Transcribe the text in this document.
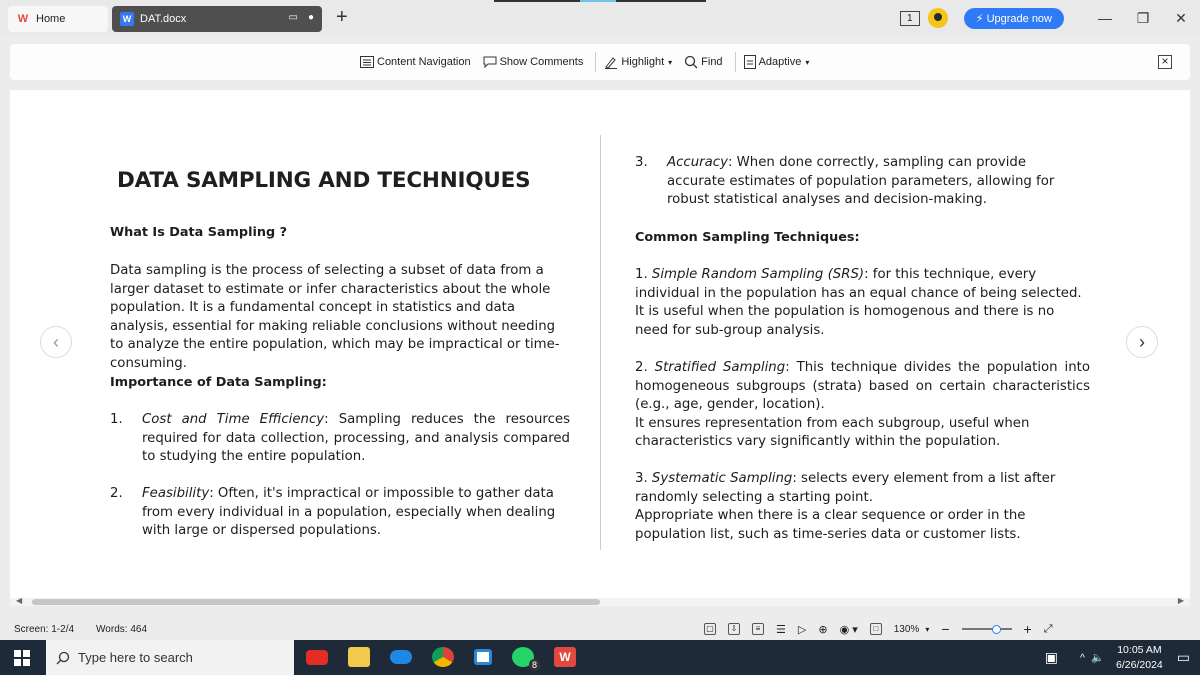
W Home	W DAT.docx	▭ ● +	1	⚡ Upgrade now	—	❐	✕
Content Navigation	Show Comments	Highlight ▾	Find	Adaptive ▾	×
‹	›
DATA SAMPLING AND TECHNIQUES
What Is Data Sampling ?
Data sampling is the process of selecting a subset of data from a larger dataset to estimate or infer characteristics about the whole population. It is a fundamental concept in statistics and data analysis, essential for making reliable conclusions without needing to analyze the entire population, which may be impractical or time-consuming.
Importance of Data Sampling:
1.	Cost and Time Efficiency: Sampling reduces the resources required for data collection, processing, and analysis compared to studying the entire population.
2.	Feasibility: Often, it's impractical or impossible to gather data from every individual in a population, especially when dealing with large or dispersed populations.
3.	Accuracy: When done correctly, sampling can provide accurate estimates of population parameters, allowing for robust statistical analyses and decision-making.
Common Sampling Techniques:
1. Simple Random Sampling (SRS): for this technique, every individual in the population has an equal chance of being selected.
It is useful when the population is homogenous and there is no need for sub-group analysis.
2. Stratified Sampling: This technique divides the population into homogeneous subgroups (strata) based on certain characteristics (e.g., age, gender, location).
It ensures representation from each subgroup, useful when characteristics vary significantly within the population.
3. Systematic Sampling: selects every element from a list after randomly selecting a starting point.
Appropriate when there is a clear sequence or order in the population list, such as time-series data or customer lists.
◀	▶
Screen: 1-2/4 Words: 464	▢	⇩	≡	☰ ▷ ⊕ ◉ ▾	□	130% ▾ −	+ ⤢
Type here to search	8
W	▣ ^ 🔈
10:05 AM
6/26/2024 ▭
